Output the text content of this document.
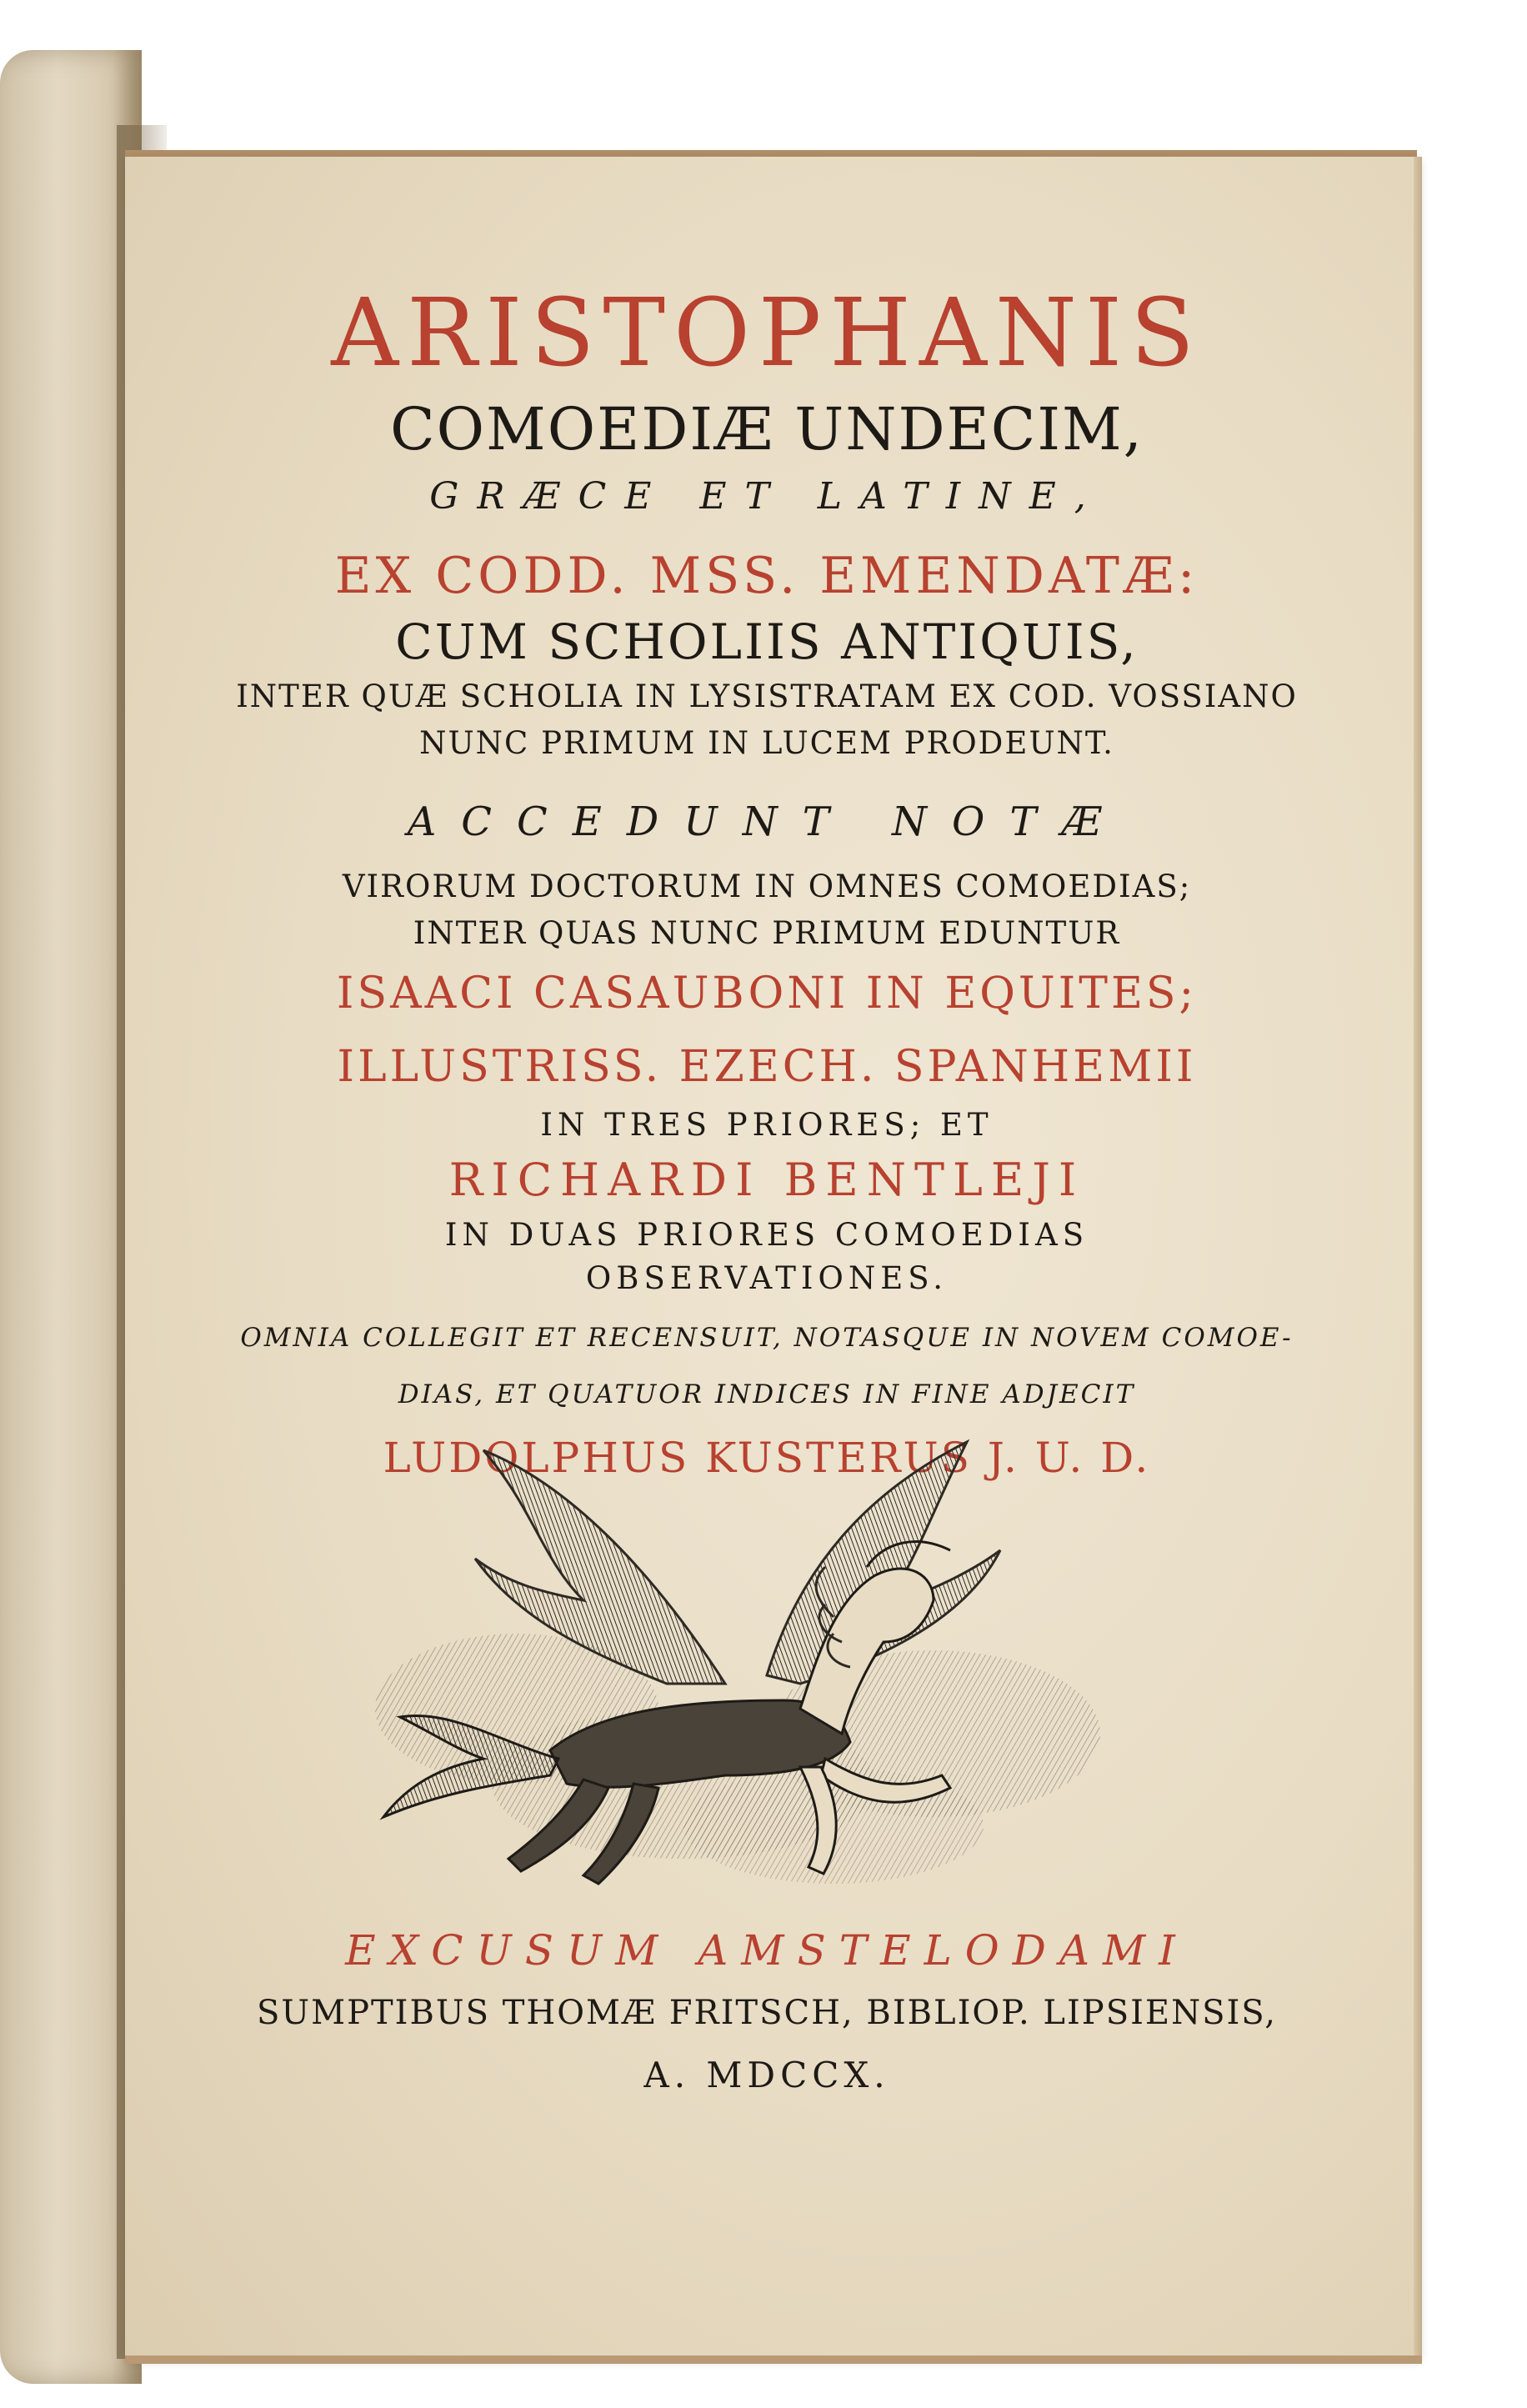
ARISTOPHANIS

COMOEDIÆ UNDECIM,

GRÆCE ET LATINE,

EX CODD. MSS. EMENDATÆ:

CUM SCHOLIIS ANTIQUIS,

INTER QUÆ SCHOLIA IN LYSISTRATAM EX COD. VOSSIANO

NUNC PRIMUM IN LUCEM PRODEUNT.

ACCEDUNT NOTÆ

VIRORUM DOCTORUM IN OMNES COMOEDIAS;

INTER QUAS NUNC PRIMUM EDUNTUR

ISAACI CASAUBONI IN EQUITES;

ILLUSTRISS. EZECH. SPANHEMII

IN TRES PRIORES; ET

RICHARDI BENTLEJI

IN DUAS PRIORES COMOEDIAS

OBSERVATIONES.

OMNIA COLLEGIT ET RECENSUIT, NOTASQUE IN NOVEM COMOE-

DIAS, ET QUATUOR INDICES IN FINE ADJECIT

LUDOLPHUS KUSTERUS J. U. D.

EXCUSUM AMSTELODAMI

SUMPTIBUS THOMÆ FRITSCH, BIBLIOP. LIPSIENSIS,

A. MDCCX.
